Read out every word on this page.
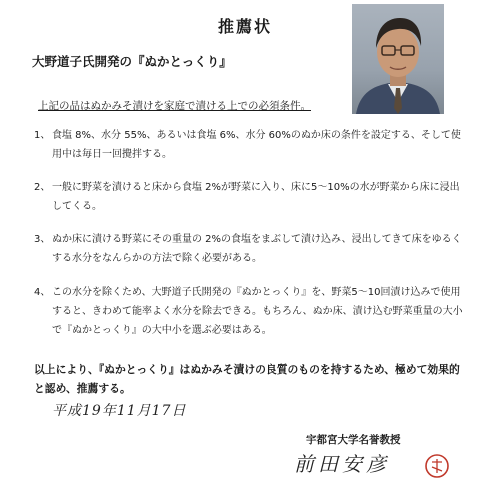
推薦状
大野道子氏開発の『ぬかとっくり』
上記の品はぬかみそ漬けを家庭で漬ける上での必須条件。
1、 食塩 8%、水分 55%、あるいは食塩 6%、水分 60%のぬか床の条件を設定する、そして使用中は毎日一回攪拌する。
2、 一般に野菜を漬けると床から食塩 2%が野菜に入り、床に5～10%の水が野菜から床に浸出してくる。
3、 ぬか床に漬ける野菜にその重量の 2%の食塩をまぶして漬け込み、浸出してきて床をゆるくする水分をなんらかの方法で除く必要がある。
4、 この水分を除くため、大野道子氏開発の『ぬかとっくり』を、野菜5～10回漬け込みで使用すると、きわめて能率よく水分を除去できる。もちろん、ぬか床、漬け込む野菜重量の大小で『ぬかとっくり』の大中小を選ぶ必要はある。
以上により、『ぬかとっくり』はぬかみそ漬けの良質のものを持するため、極めて効果的と認め、推薦する。
平成19年11月17日
宇都宮大学名誉教授
前田安彦
